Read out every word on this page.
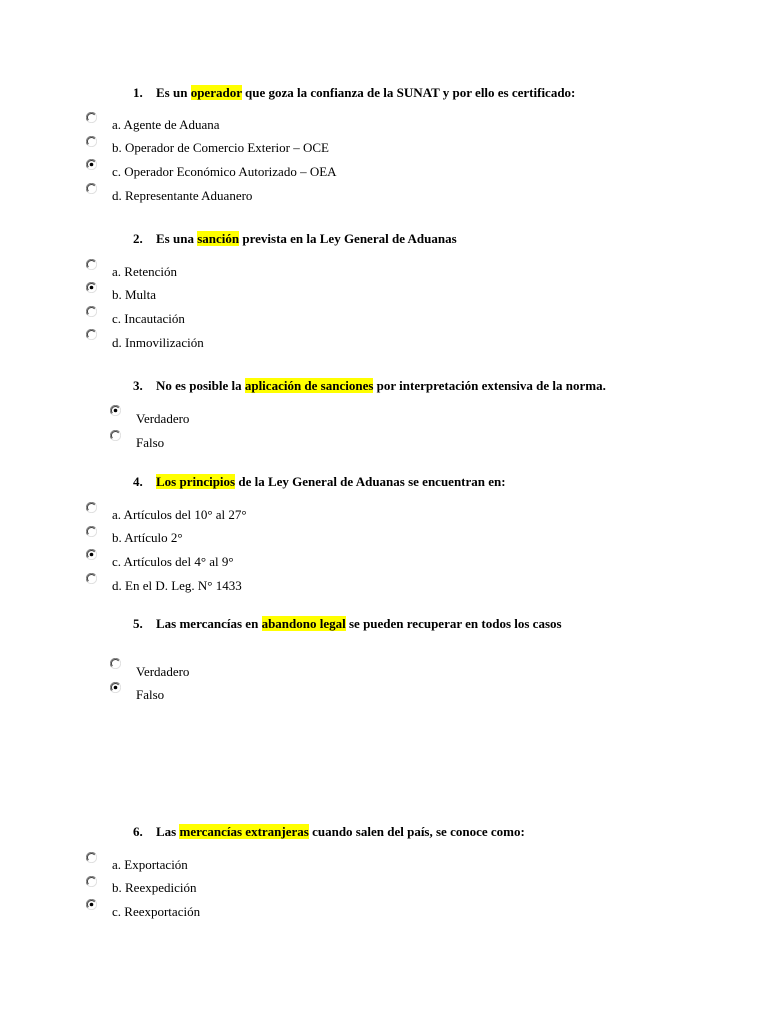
1. Es un operador que goza la confianza de la SUNAT y por ello es certificado:
a. Agente de Aduana
b. Operador de Comercio Exterior – OCE
c. Operador Económico Autorizado – OEA
d. Representante Aduanero
2. Es una sanción prevista en la Ley General de Aduanas
a. Retención
b. Multa
c. Incautación
d. Inmovilización
3. No es posible la aplicación de sanciones por interpretación extensiva de la norma.
Verdadero
Falso
4. Los principios de la Ley General de Aduanas se encuentran en:
a. Artículos del 10° al 27°
b. Artículo 2°
c. Artículos del 4° al 9°
d. En el D. Leg. N° 1433
5. Las mercancías en abandono legal se pueden recuperar en todos los casos
Verdadero
Falso
6. Las mercancías extranjeras cuando salen del país, se conoce como:
a. Exportación
b. Reexpedición
c. Reexportación
